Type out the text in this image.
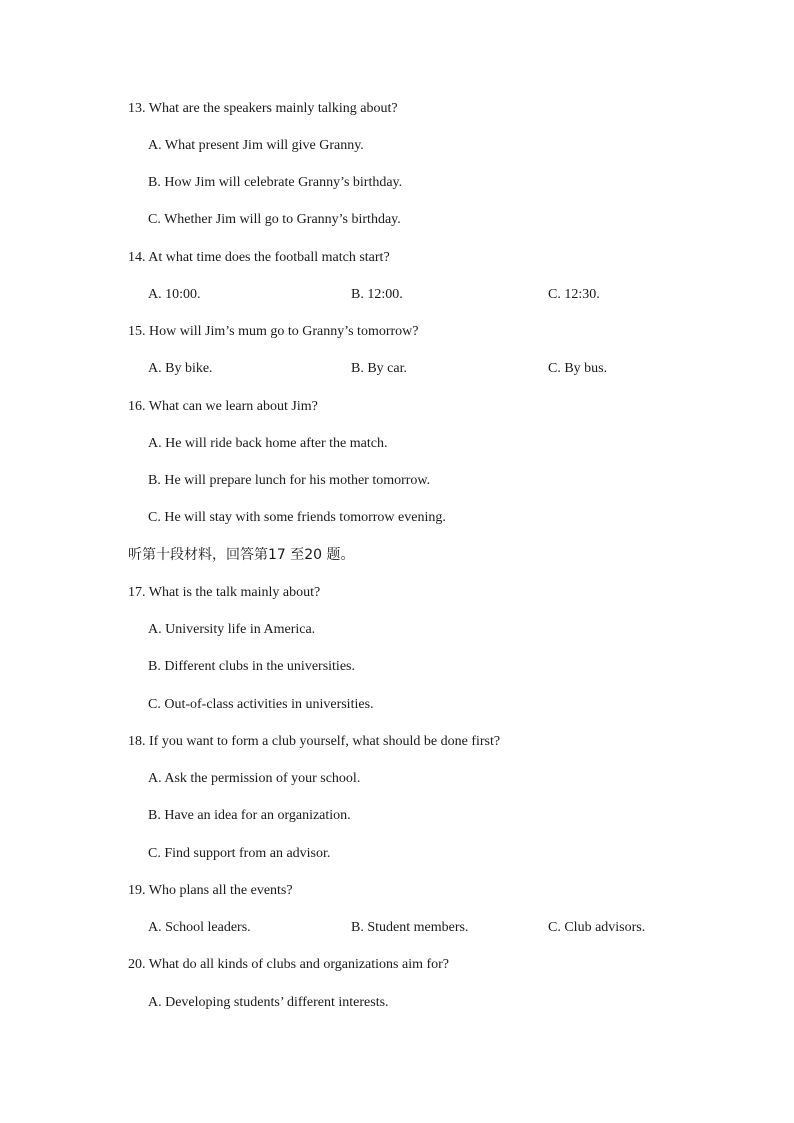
13. What are the speakers mainly talking about?
A. What present Jim will give Granny.
B. How Jim will celebrate Granny’s birthday.
C. Whether Jim will go to Granny’s birthday.
14. At what time does the football match start?
A. 10:00.	B. 12:00.	C. 12:30.
15. How will Jim’s mum go to Granny’s tomorrow?
A. By bike.	B. By car.	C. By bus.
16. What can we learn about Jim?
A. He will ride back home after the match.
B. He will prepare lunch for his mother tomorrow.
C. He will stay with some friends tomorrow evening.
听第十段材料，回答第17 至20 题。
17. What is the talk mainly about?
A. University life in America.
B. Different clubs in the universities.
C. Out-of-class activities in universities.
18. If you want to form a club yourself, what should be done first?
A. Ask the permission of your school.
B. Have an idea for an organization.
C. Find support from an advisor.
19. Who plans all the events?
A. School leaders.	B. Student members.	C. Club advisors.
20. What do all kinds of clubs and organizations aim for?
A. Developing students’ different interests.
